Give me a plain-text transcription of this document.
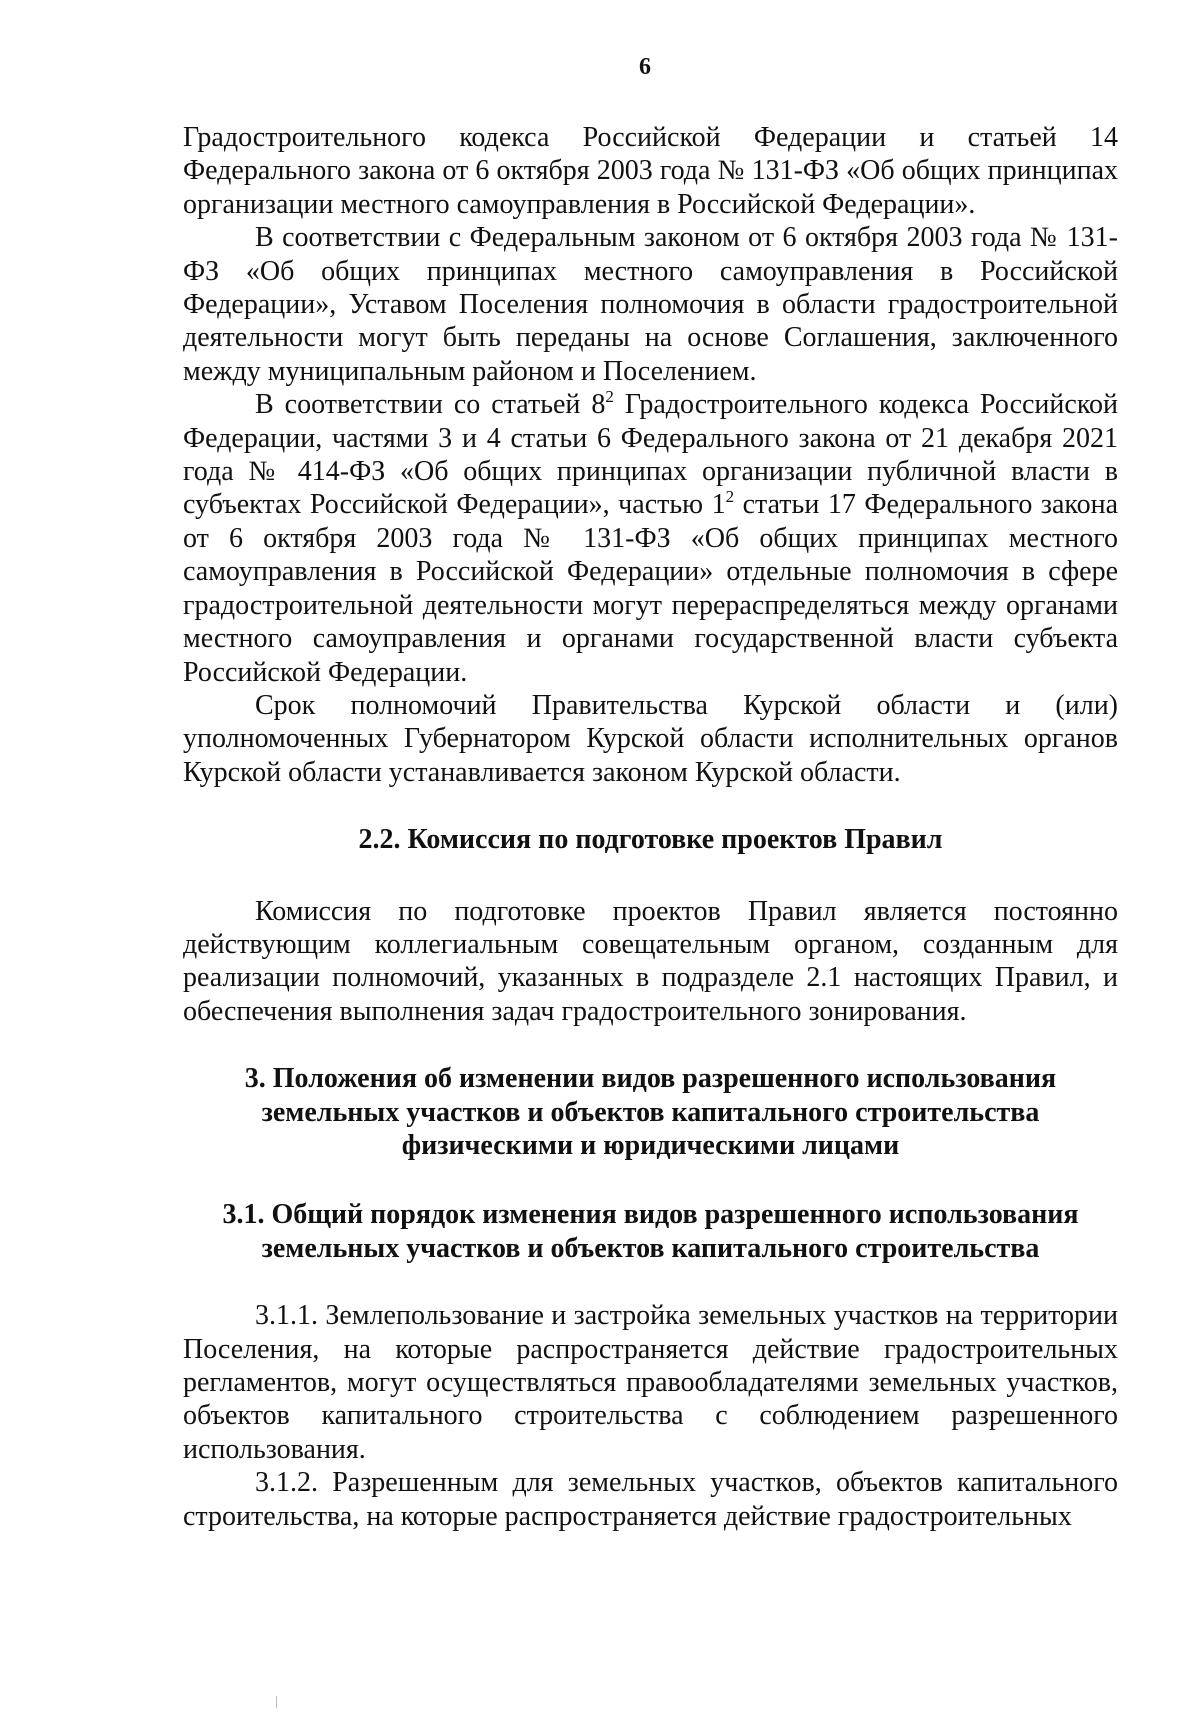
6

Градостроительного кодекса Российской Федерации и статьей 14 Федерального закона от 6 октября 2003 года № 131-ФЗ «Об общих принципах организации местного самоуправления в Российской Федерации».

В соответствии с Федеральным законом от 6 октября 2003 года № 131-ФЗ «Об общих принципах местного самоуправления в Российской Федерации», Уставом Поселения полномочия в области градостроительной деятельности могут быть переданы на основе Соглашения, заключенного между муниципальным районом и Поселением.

В соответствии со статьей $8^2$ Градостроительного кодекса Российской Федерации, частями 3 и 4 статьи 6 Федерального закона от 21 декабря 2021 года № 414-ФЗ «Об общих принципах организации публичной власти в субъектах Российской Федерации», частью $1^2$ статьи 17 Федерального закона от 6 октября 2003 года № 131-ФЗ «Об общих принципах местного самоуправления в Российской Федерации» отдельные полномочия в сфере градостроительной деятельности могут перераспределяться между органами местного самоуправления и органами государственной власти субъекта Российской Федерации.

Срок полномочий Правительства Курской области и (или) уполномоченных Губернатором Курской области исполнительных органов Курской области устанавливается законом Курской области.

2.2. Комиссия по подготовке проектов Правил

Комиссия по подготовке проектов Правил является постоянно действующим коллегиальным совещательным органом, созданным для реализации полномочий, указанных в подразделе 2.1 настоящих Правил, и обеспечения выполнения задач градостроительного зонирования.

3. Положения об изменении видов разрешенного использования
земельных участков и объектов капитального строительства
физическими и юридическими лицами
3.1. Общий порядок изменения видов разрешенного использования
земельных участков и объектов капитального строительства

3.1.1. Землепользование и застройка земельных участков на территории Поселения, на которые распространяется действие градостроительных регламентов, могут осуществляться правообладателями земельных участков, объектов капитального строительства с соблюдением разрешенного использования.

3.1.2. Разрешенным для земельных участков, объектов капитального строительства, на которые распространяется действие градостроительных
